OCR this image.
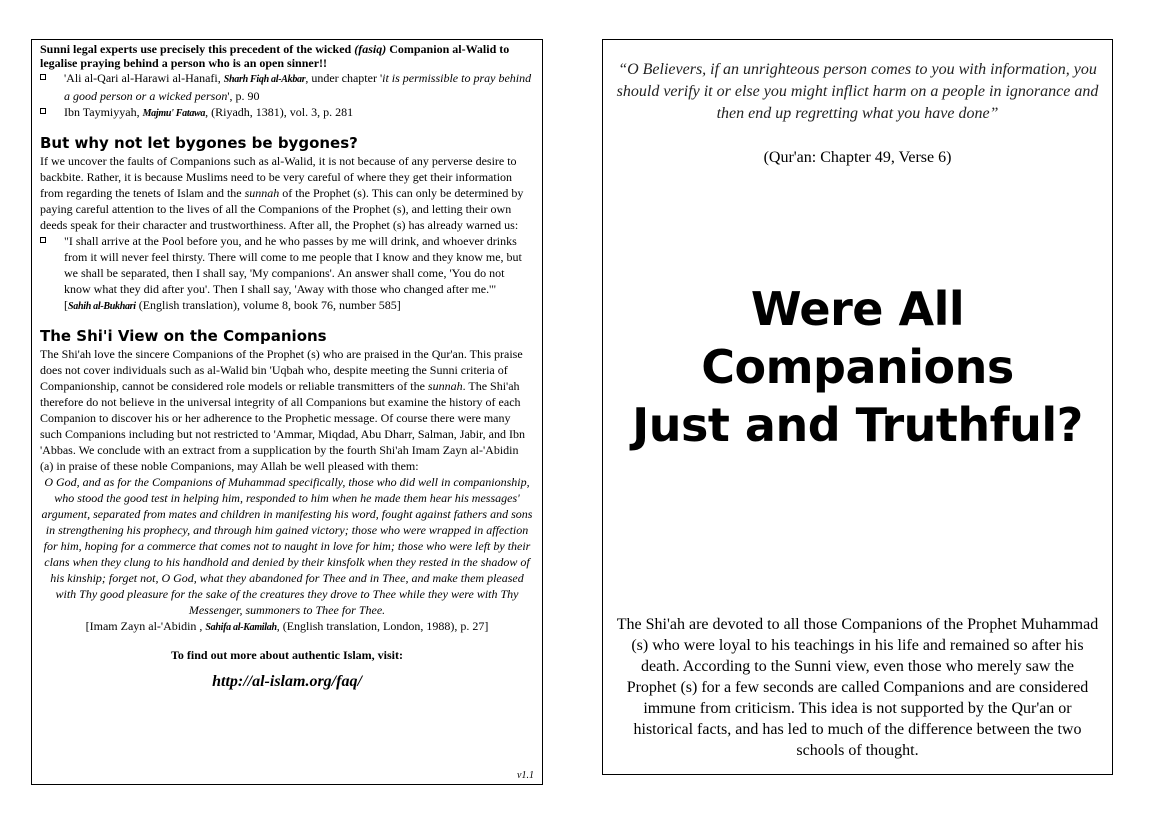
Sunni legal experts use precisely this precedent of the wicked (fasiq) Companion al-Walid to legalise praying behind a person who is an open sinner!!

'Ali al-Qari al-Harawi al-Hanafi, Sharh Fiqh al-Akbar, under chapter 'it is permissible to pray behind a good person or a wicked person', p. 90
Ibn Taymiyyah, Majmu' Fatawa, (Riyadh, 1381), vol. 3, p. 281
But why not let bygones be bygones?

If we uncover the faults of Companions such as al-Walid, it is not because of any perverse desire to backbite. Rather, it is because Muslims need to be very careful of where they get their information from regarding the tenets of Islam and the sunnah of the Prophet (s). This can only be determined by paying careful attention to the lives of all the Companions of the Prophet (s), and letting their own deeds speak for their character and trustworthiness. After all, the Prophet (s) has already warned us:

"I shall arrive at the Pool before you, and he who passes by me will drink, and whoever drinks from it will never feel thirsty. There will come to me people that I know and they know me, but we shall be separated, then I shall say, 'My companions'. An answer shall come, 'You do not know what they did after you'. Then I shall say, 'Away with those who changed after me.'"
[Sahih al-Bukhari (English translation), volume 8, book 76, number 585]
The Shi'i View on the Companions

The Shi'ah love the sincere Companions of the Prophet (s) who are praised in the Qur'an. This praise does not cover individuals such as al-Walid bin 'Uqbah who, despite meeting the Sunni criteria of Companionship, cannot be considered role models or reliable transmitters of the sunnah. The Shi'ah therefore do not believe in the universal integrity of all Companions but examine the history of each Companion to discover his or her adherence to the Prophetic message. Of course there were many such Companions including but not restricted to 'Ammar, Miqdad, Abu Dharr, Salman, Jabir, and Ibn 'Abbas. We conclude with an extract from a supplication by the fourth Shi'ah Imam Zayn al-'Abidin (a) in praise of these noble Companions, may Allah be well pleased with them:

O God, and as for the Companions of Muhammad specifically, those who did well in companionship, who stood the good test in helping him, responded to him when he made them hear his messages' argument, separated from mates and children in manifesting his word, fought against fathers and sons in strengthening his prophecy, and through him gained victory; those who were wrapped in affection for him, hoping for a commerce that comes not to naught in love for him; those who were left by their clans when they clung to his handhold and denied by their kinsfolk when they rested in the shadow of his kinship; forget not, O God, what they abandoned for Thee and in Thee, and make them pleased with Thy good pleasure for the sake of the creatures they drove to Thee while they were with Thy Messenger, summoners to Thee for Thee.

[Imam Zayn al-'Abidin , Sahifa al-Kamilah, (English translation, London, 1988), p. 27]

To find out more about authentic Islam, visit:

http://al-islam.org/faq/

v1.1

“O Believers, if an unrighteous person comes to you with information, you should verify it or else you might inflict harm on a people in ignorance and then end up regretting what you have done”

(Qur'an: Chapter 49, Verse 6)

Were All
Companions
Just and Truthful?

The Shi'ah are devoted to all those Companions of the Prophet Muhammad (s) who were loyal to his teachings in his life and remained so after his death. According to the Sunni view, even those who merely saw the Prophet (s) for a few seconds are called Companions and are considered immune from criticism. This idea is not supported by the Qur'an or historical facts, and has led to much of the difference between the two schools of thought.
